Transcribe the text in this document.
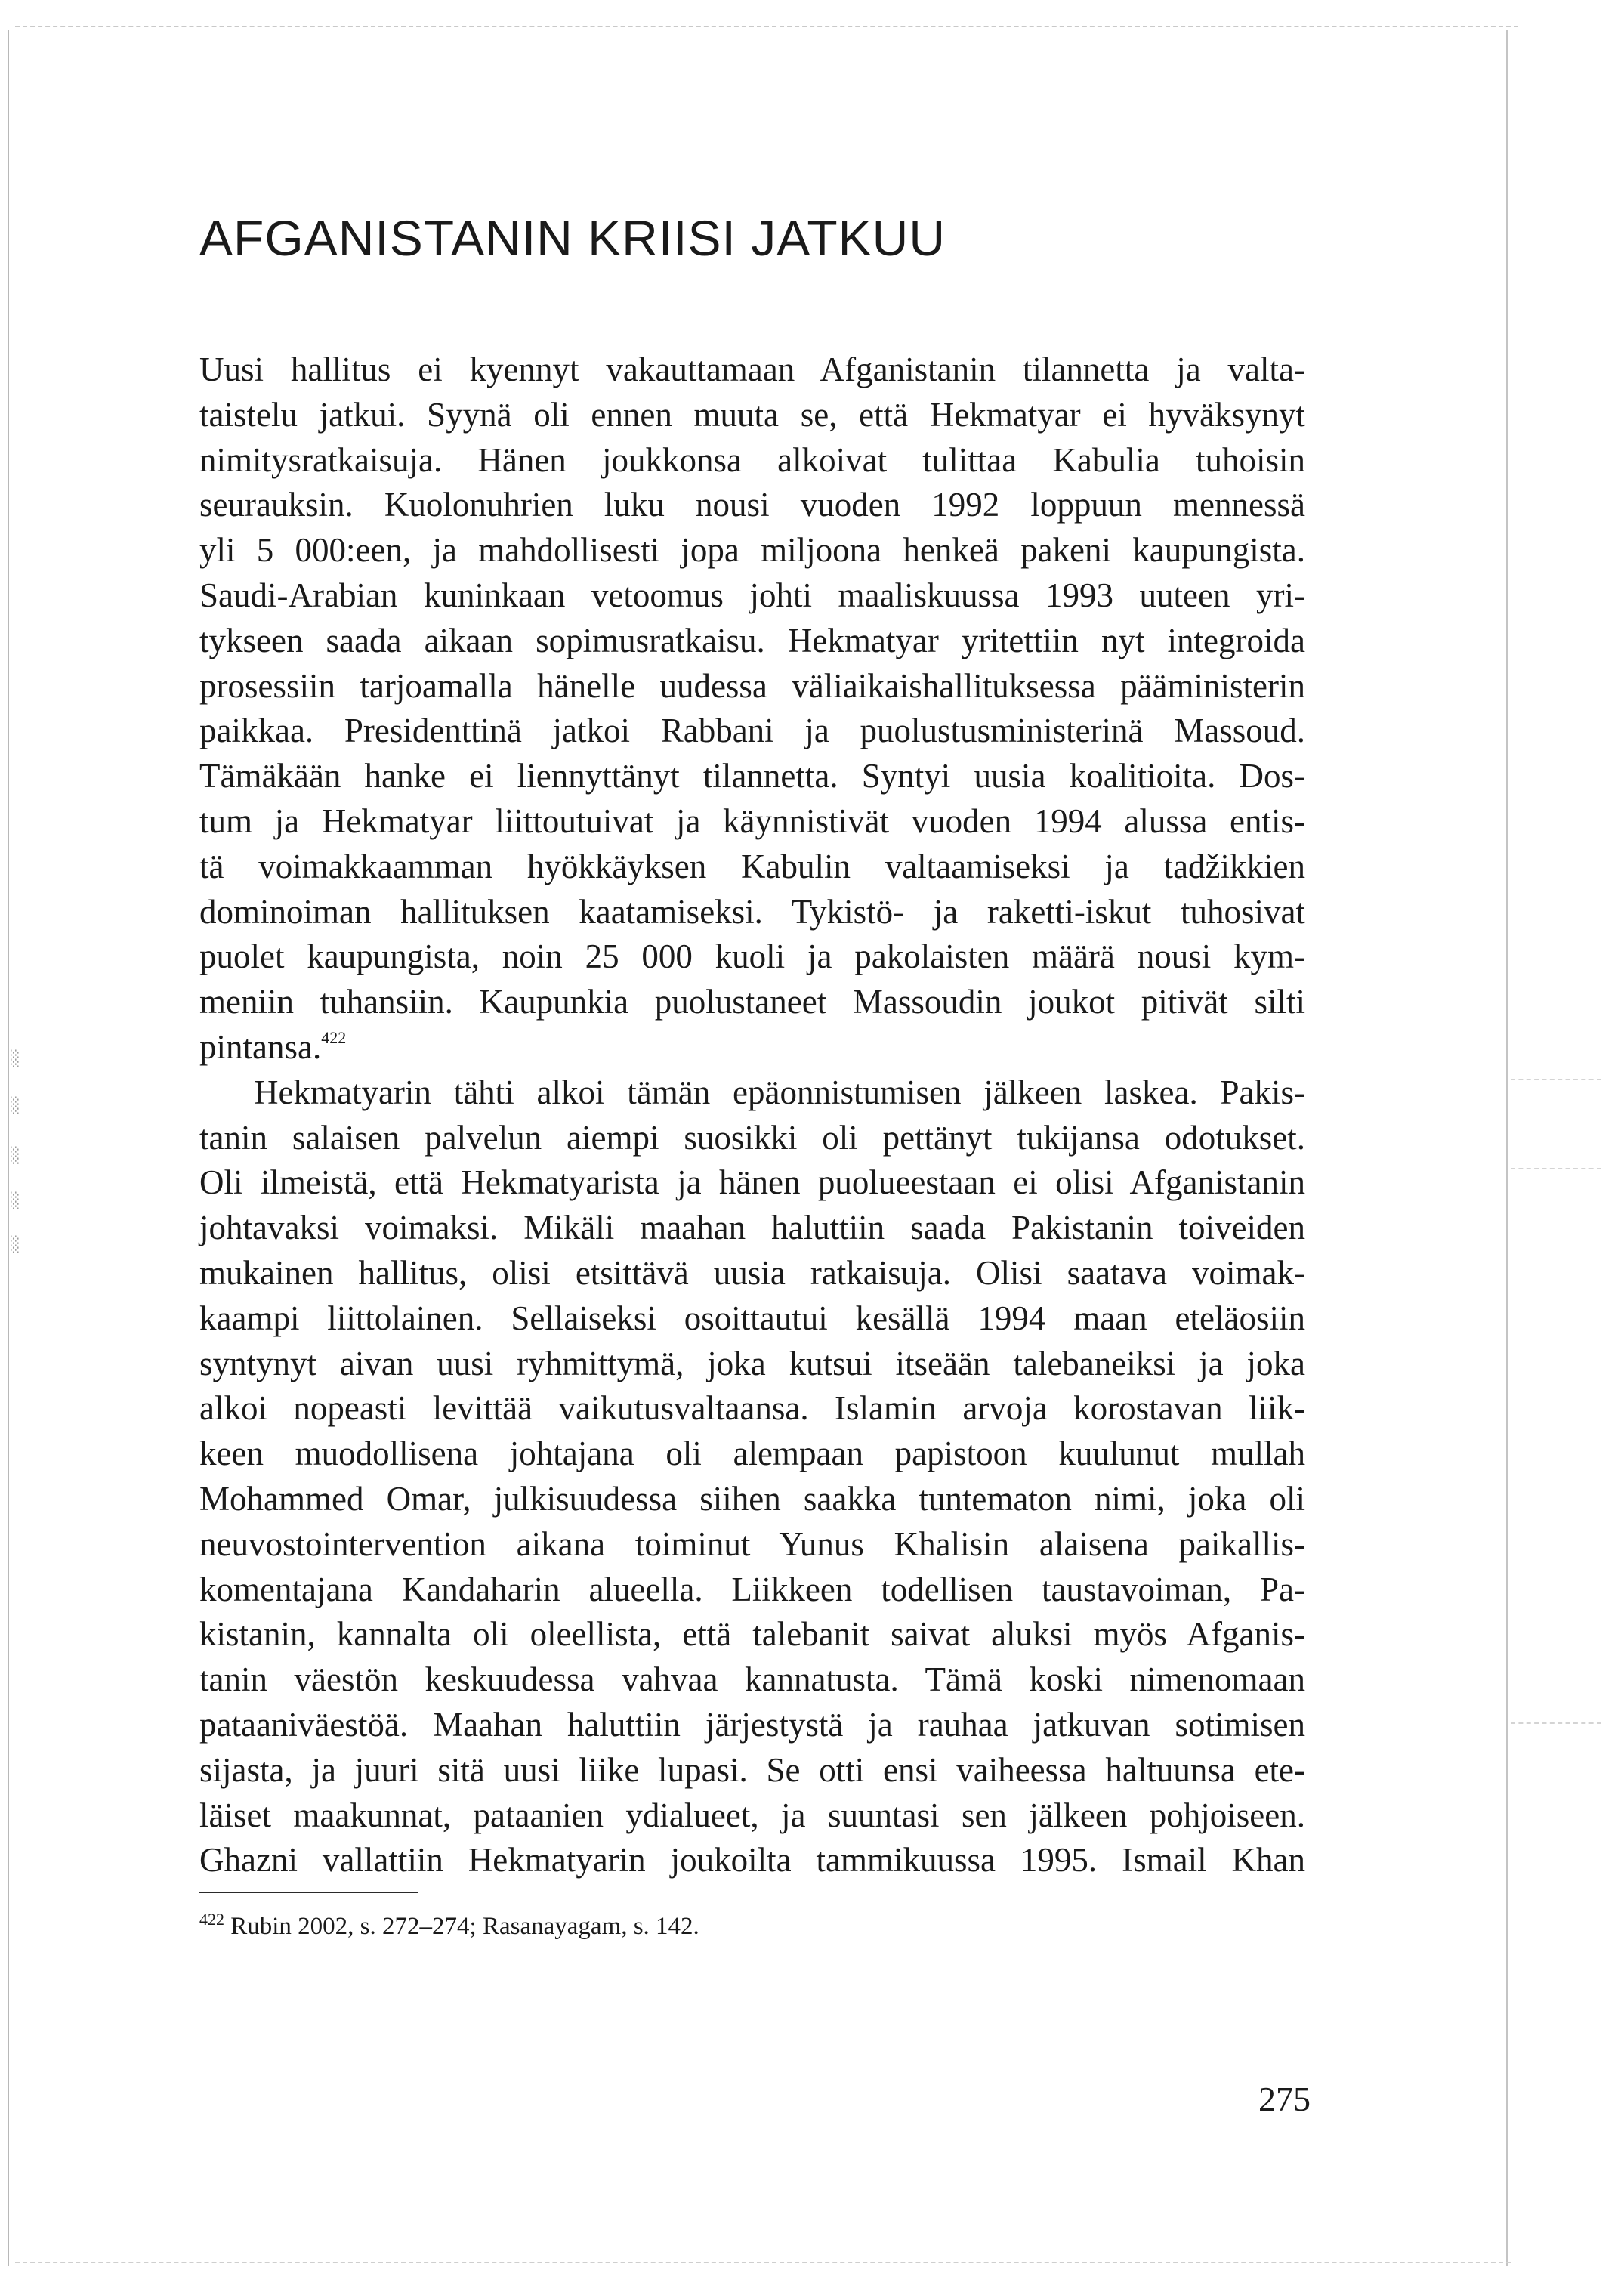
░
░
░
░
░
AFGANISTANIN KRIISI JATKUU
Uusi hallitus ei kyennyt vakauttamaan Afganistanin tilannetta ja valta-
taistelu jatkui. Syynä oli ennen muuta se, että Hekmatyar ei hyväksynyt
nimitysratkaisuja. Hänen joukkonsa alkoivat tulittaa Kabulia tuhoisin
seurauksin. Kuolonuhrien luku nousi vuoden 1992 loppuun mennessä
yli 5 000:een, ja mahdollisesti jopa miljoona henkeä pakeni kaupungista.
Saudi-Arabian kuninkaan vetoomus johti maaliskuussa 1993 uuteen yri-
tykseen saada aikaan sopimusratkaisu. Hekmatyar yritettiin nyt integroida
prosessiin tarjoamalla hänelle uudessa väliaikaishallituksessa pääministerin
paikkaa. Presidenttinä jatkoi Rabbani ja puolustusministerinä Massoud.
Tämäkään hanke ei liennyttänyt tilannetta. Syntyi uusia koalitioita. Dos-
tum ja Hekmatyar liittoutuivat ja käynnistivät vuoden 1994 alussa entis-
tä voimakkaamman hyökkäyksen Kabulin valtaamiseksi ja tadžikkien
dominoiman hallituksen kaatamiseksi. Tykistö- ja raketti-iskut tuhosivat
puolet kaupungista, noin 25 000 kuoli ja pakolaisten määrä nousi kym-
meniin tuhansiin. Kaupunkia puolustaneet Massoudin joukot pitivät silti
pintansa.$^{422}$
Hekmatyarin tähti alkoi tämän epäonnistumisen jälkeen laskea. Pakis-
tanin salaisen palvelun aiempi suosikki oli pettänyt tukijansa odotukset.
Oli ilmeistä, että Hekmatyarista ja hänen puolueestaan ei olisi Afganistanin
johtavaksi voimaksi. Mikäli maahan haluttiin saada Pakistanin toiveiden
mukainen hallitus, olisi etsittävä uusia ratkaisuja. Olisi saatava voimak-
kaampi liittolainen. Sellaiseksi osoittautui kesällä 1994 maan eteläosiin
syntynyt aivan uusi ryhmittymä, joka kutsui itseään talebaneiksi ja joka
alkoi nopeasti levittää vaikutusvaltaansa. Islamin arvoja korostavan liik-
keen muodollisena johtajana oli alempaan papistoon kuulunut mullah
Mohammed Omar, julkisuudessa siihen saakka tuntematon nimi, joka oli
neuvostointervention aikana toiminut Yunus Khalisin alaisena paikallis-
komentajana Kandaharin alueella. Liikkeen todellisen taustavoiman, Pa-
kistanin, kannalta oli oleellista, että talebanit saivat aluksi myös Afganis-
tanin väestön keskuudessa vahvaa kannatusta. Tämä koski nimenomaan
pataaniväestöä. Maahan haluttiin järjestystä ja rauhaa jatkuvan sotimisen
sijasta, ja juuri sitä uusi liike lupasi. Se otti ensi vaiheessa haltuunsa ete-
läiset maakunnat, pataanien ydialueet, ja suuntasi sen jälkeen pohjoiseen.
Ghazni vallattiin Hekmatyarin joukoilta tammikuussa 1995. Ismail Khan
$^{422}$ Rubin 2002, s. 272–274; Rasanayagam, s. 142.
275
